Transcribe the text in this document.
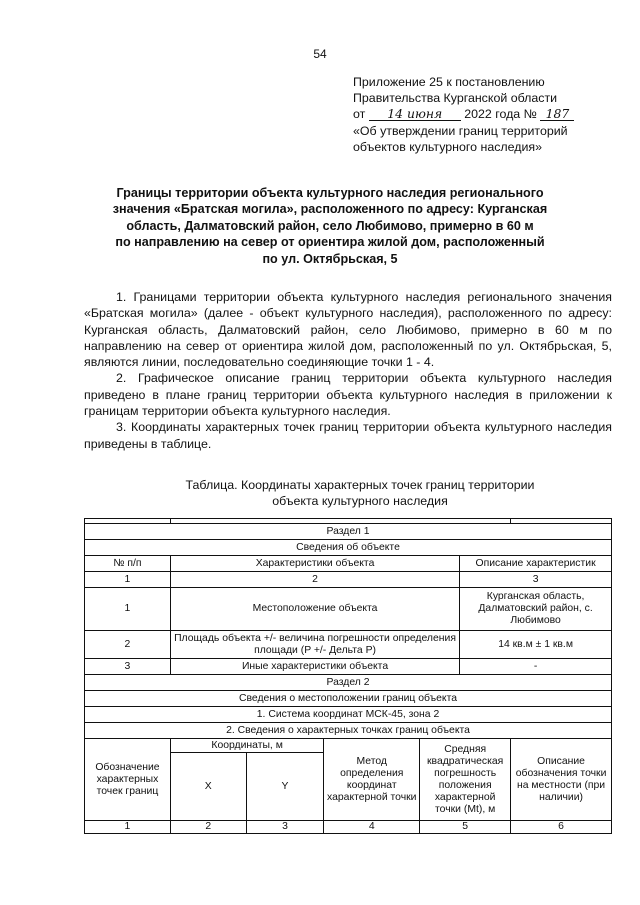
54
Приложение 25 к постановлению
Правительства Курганской области
от 14 июня 2022 года № 187
«Об утверждении границ территорий
объектов культурного наследия»
Границы территории объекта культурного наследия регионального
значения «Братская могила», расположенного по адресу: Курганская
область, Далматовский район, село Любимово, примерно в 60 м
по направлению на север от ориентира жилой дом, расположенный
по ул. Октябрьская, 5

1. Границами территории объекта культурного наследия регионального значения «Братская могила» (далее - объект культурного наследия), расположенного по адресу: Курганская область, Далматовский район, село Любимово, примерно в 60 м по направлению на север от ориентира жилой дом, расположенный по ул. Октябрьская, 5, являются линии, последовательно соединяющие точки 1 - 4.

2. Графическое описание границ территории объекта культурного наследия приведено в плане границ территории объекта культурного наследия в приложении к границам территории объекта культурного наследия.

3. Координаты характерных точек границ территории объекта культурного наследия приведены в таблице.

Таблица. Координаты характерных точек границ территории
объекта культурного наследия

Раздел 1						
Сведения об объекте						
№ п/п	Характеристики объекта				Описание характеристик	
1	2				3	
1	Местоположение объекта				Курганская область, Далматовский район, с. Любимово	
2	Площадь объекта +/- величина погрешности определения площади (P +/- Дельта P)				14 кв.м ± 1 кв.м	
3	Иные характеристики объекта				-	
Раздел 2						
Сведения о местоположении границ объекта						
1. Система координат МСК-45, зона 2						
2. Сведения о характерных точках границ объекта						
Обозначение характерных точек границ	Координаты, м		Метод определения координат характерной точки	Средняя квадратическая погрешность положения характерной точки (Mt), м		Описание обозначения точки на местности (при наличии)
	X	Y				
1	2	3	4	5		6
